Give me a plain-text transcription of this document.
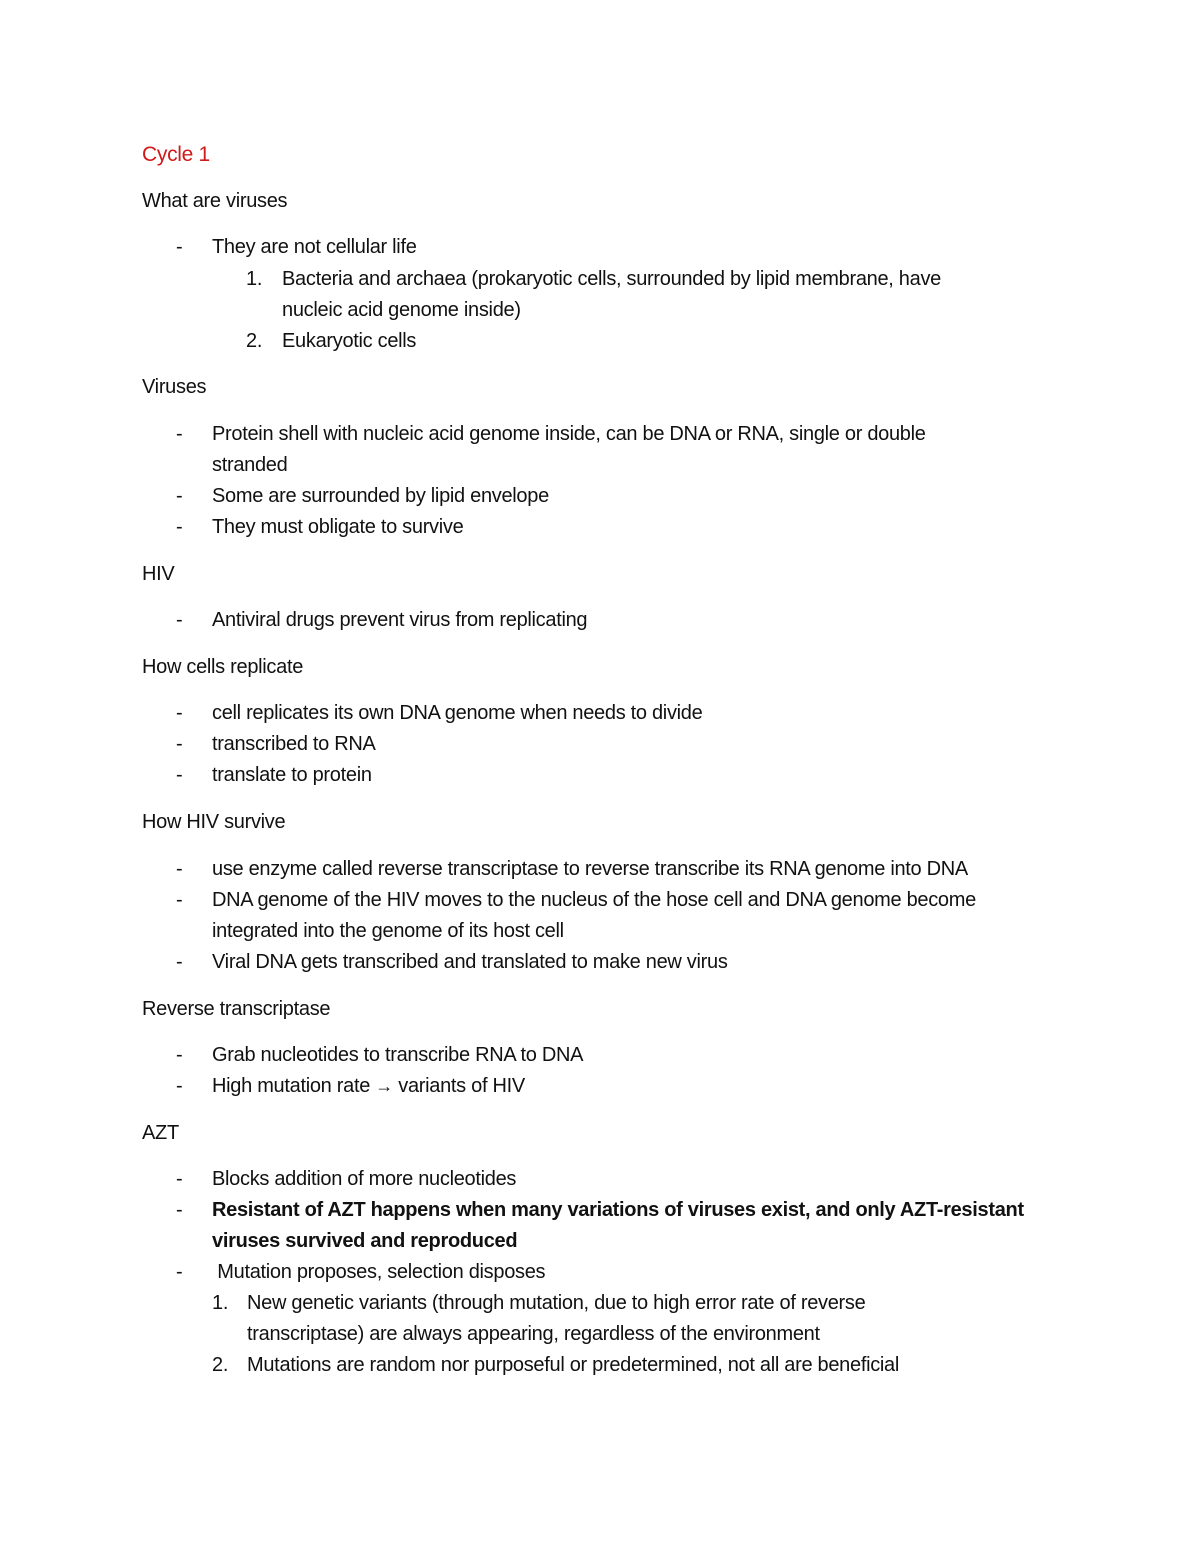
Cycle 1
What are viruses
- They are not cellular life
1. Bacteria and archaea (prokaryotic cells, surrounded by lipid membrane, have
nucleic acid genome inside)
2. Eukaryotic cells
Viruses
- Protein shell with nucleic acid genome inside, can be DNA or RNA, single or double
stranded
- Some are surrounded by lipid envelope
- They must obligate to survive
HIV
- Antiviral drugs prevent virus from replicating
How cells replicate
- cell replicates its own DNA genome when needs to divide
- transcribed to RNA
- translate to protein
How HIV survive
- use enzyme called reverse transcriptase to reverse transcribe its RNA genome into DNA
- DNA genome of the HIV moves to the nucleus of the hose cell and DNA genome become
integrated into the genome of its host cell
- Viral DNA gets transcribed and translated to make new virus
Reverse transcriptase
- Grab nucleotides to transcribe RNA to DNA
- High mutation rate → variants of HIV
AZT
- Blocks addition of more nucleotides
- Resistant of AZT happens when many variations of viruses exist, and only AZT-resistant
viruses survived and reproduced
- Mutation proposes, selection disposes
1. New genetic variants (through mutation, due to high error rate of reverse
transcriptase) are always appearing, regardless of the environment
2. Mutations are random nor purposeful or predetermined, not all are beneficial
